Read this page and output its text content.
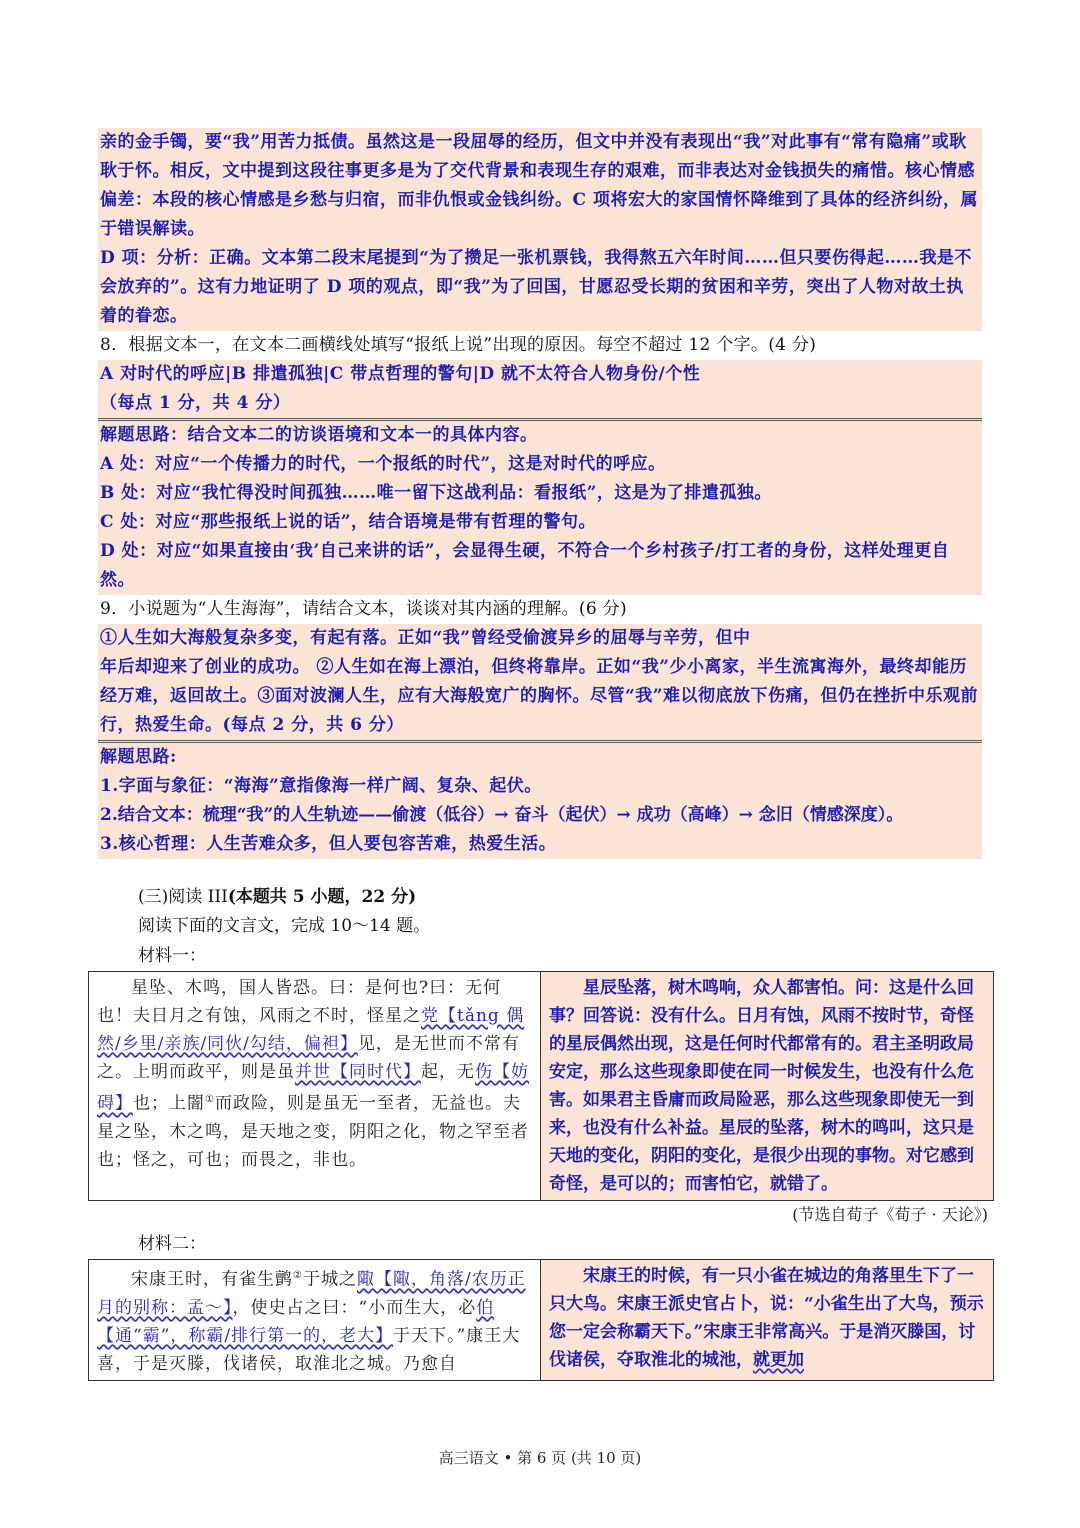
亲的金手镯，要“我”用苦力抵债。虽然这是一段屈辱的经历，但文中并没有表现出“我”对此事有“常有隐痛”或耿耿于怀。相反，文中提到这段往事更多是为了交代背景和表现生存的艰难，而非表达对金钱损失的痛惜。核心情感偏差：本段的核心情感是乡愁与归宿，而非仇恨或金钱纠纷。C 项将宏大的家国情怀降维到了具体的经济纠纷，属于错误解读。
D 项：分析：正确。文本第二段末尾提到“为了攒足一张机票钱，我得熬五六年时间……但只要伤得起……我是不会放弃的”。这有力地证明了 D 项的观点，即“我”为了回国，甘愿忍受长期的贫困和辛劳，突出了人物对故土执着的眷恋。
8．根据文本一，在文本二画横线处填写“报纸上说”出现的原因。每空不超过 12 个字。(4 分)
A 对时代的呼应|B 排遣孤独|C 带点哲理的警句|D 就不太符合人物身份/个性
（每点 1 分，共 4 分）
解题思路：结合文本二的访谈语境和文本一的具体内容。
A 处：对应“一个传播力的时代，一个报纸的时代”，这是对时代的呼应。
B 处：对应“我忙得没时间孤独……唯一留下这战利品：看报纸”，这是为了排遣孤独。
C 处：对应“那些报纸上说的话”，结合语境是带有哲理的警句。
D 处：对应“如果直接由‘我’自己来讲的话”，会显得生硬，不符合一个乡村孩子/打工者的身份，这样处理更自然。
9．小说题为“人生海海”，请结合文本，谈谈对其内涵的理解。(6 分)
①人生如大海般复杂多变，有起有落。正如“我”曾经受偷渡异乡的屈辱与辛劳，但中
年后却迎来了创业的成功。 ②人生如在海上漂泊，但终将靠岸。正如“我”少小离家，半生流寓海外，最终却能历经万难，返回故土。③面对波澜人生，应有大海般宽广的胸怀。尽管“我”难以彻底放下伤痛，但仍在挫折中乐观前行，热爱生命。(每点 2 分，共 6 分）
解题思路:
1.字面与象征：“海海”意指像海一样广阔、复杂、起伏。
2.结合文本：梳理“我”的人生轨迹——偷渡（低谷）→ 奋斗（起伏）→ 成功（高峰）→ 念旧（情感深度）。
3.核心哲理：人生苦难众多，但人要包容苦难，热爱生活。
(三)阅读 III(本题共 5 小题，22 分)
阅读下面的文言文，完成 10～14 题。
材料一：
星坠、木鸣，国人皆恐。曰：是何也?曰：无何也！夫日月之有蚀，风雨之不时，怪星之党【tǎng 偶然/乡里/亲族/同伙/勾结，偏袒】见，是无世而不常有之。上明而政平，则是虽并世【同时代】起，无伤【妨碍】也；上闇①而政险，则是虽无一至者，无益也。夫星之坠，木之鸣，是天地之变，阴阳之化，物之罕至者也；怪之，可也；而畏之，非也。	星辰坠落，树木鸣响，众人都害怕。问：这是什么回事？回答说：没有什么。日月有蚀，风雨不按时节，奇怪的星辰偶然出现，这是任何时代都常有的。君主圣明政局安定，那么这些现象即使在同一时候发生，也没有什么危害。如果君主昏庸而政局险恶，那么这些现象即使无一到来，也没有什么补益。星辰的坠落，树木的鸣叫，这只是天地的变化，阴阳的变化，是很少出现的事物。对它感到奇怪，是可以的；而害怕它，就错了。
(节选自荀子《荀子 · 天论》)
材料二：
宋康王时，有雀生鹯②于城之陬【陬，角落/农历正月的别称：孟～】，使史占之曰：“小而生大，必伯【通“霸”，称霸/排行第一的，老大】于天下。”康王大喜，于是灭滕，伐诸侯，取淮北之城。乃愈自	宋康王的时候，有一只小雀在城边的角落里生下了一只大鸟。宋康王派史官占卜，说：“小雀生出了大鸟，预示您一定会称霸天下。”宋康王非常高兴。于是消灭滕国，讨伐诸侯，夺取淮北的城池，就更加
高三语文 • 第 6 页 (共 10 页)
